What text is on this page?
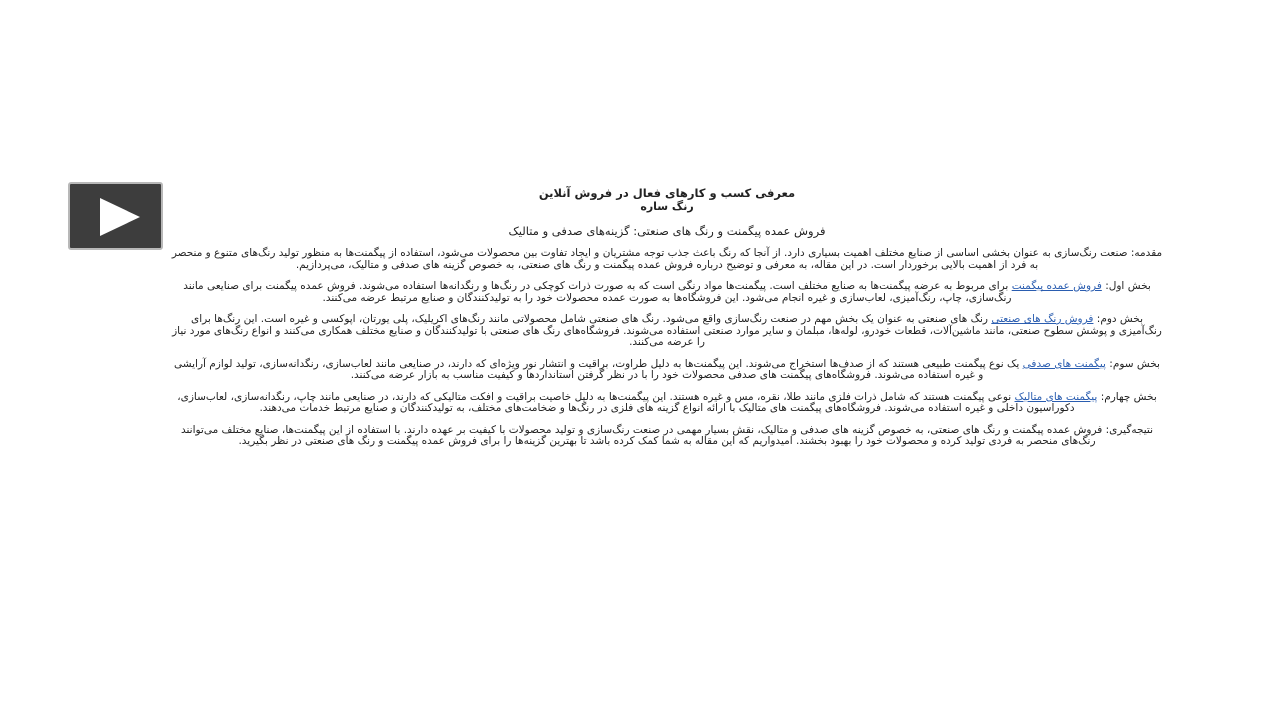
معرفی کسب و کارهای فعال در فروش آنلاین
رنگ ساره
فروش عمده پیگمنت و رنگ های صنعتی: گزینه‌های صدفی و متالیک

مقدمه: صنعت رنگ‌سازی به عنوان بخشی اساسی از صنایع مختلف اهمیت بسیاری دارد. از آنجا که رنگ باعث جذب توجه مشتریان و ایجاد تفاوت بین محصولات می‌شود، استفاده از پیگمنت‌ها به منظور تولید رنگ‌های متنوع و منحصر به فرد از اهمیت بالایی برخوردار است. در این مقاله، به معرفی و توضیح درباره فروش عمده پیگمنت و رنگ های صنعتی، به خصوص گزینه های صدفی و متالیک، می‌پردازیم.

بخش اول: فروش عمده پیگمنت برای مربوط به عرضه پیگمنت‌ها به صنایع مختلف است. پیگمنت‌ها مواد رنگی است که به صورت ذرات کوچکی در رنگ‌ها و رنگدانه‌ها استفاده می‌شوند. فروش عمده پیگمنت برای صنایعی مانند رنگ‌سازی، چاپ، رنگ‌آمیزی، لعاب‌سازی و غیره انجام می‌شود. این فروشگاه‌ها به صورت عمده محصولات خود را به تولیدکنندگان و صنایع مرتبط عرضه می‌کنند.

بخش دوم: فروش رنگ های صنعتی رنگ های صنعتی به عنوان یک بخش مهم در صنعت رنگ‌سازی واقع می‌شود. رنگ های صنعتی شامل محصولاتی مانند رنگ‌های اکریلیک، پلی یورتان، اپوکسی و غیره است. این رنگ‌ها برای رنگ‌آمیزی و پوشش سطوح صنعتی، مانند ماشین‌آلات، قطعات خودرو، لوله‌ها، مبلمان و سایر موارد صنعتی استفاده می‌شوند. فروشگاه‌های رنگ های صنعتی با تولیدکنندگان و صنایع مختلف همکاری می‌کنند و انواع رنگ‌های مورد نیاز را عرضه می‌کنند.

بخش سوم: پیگمنت های صدفی یک نوع پیگمنت طبیعی هستند که از صدف‌ها استخراج می‌شوند. این پیگمنت‌ها به دلیل طراوت، براقیت و انتشار نور ویژه‌ای که دارند، در صنایعی مانند لعاب‌سازی، رنگدانه‌سازی، تولید لوازم آرایشی و غیره استفاده می‌شوند. فروشگاه‌های پیگمنت های صدفی محصولات خود را با در نظر گرفتن استانداردها و کیفیت مناسب به بازار عرضه می‌کنند.

بخش چهارم: پیگمنت های متالیک نوعی پیگمنت هستند که شامل ذرات فلزی مانند طلا، نقره، مس و غیره هستند. این پیگمنت‌ها به دلیل خاصیت براقیت و افکت متالیکی که دارند، در صنایعی مانند چاپ، رنگدانه‌سازی، لعاب‌سازی، دکوراسیون داخلی و غیره استفاده می‌شوند. فروشگاه‌های پیگمنت های متالیک با ارائه انواع گزینه های فلزی در رنگ‌ها و ضخامت‌های مختلف، به تولیدکنندگان و صنایع مرتبط خدمات می‌دهند.

نتیجه‌گیری: فروش عمده پیگمنت و رنگ های صنعتی، به خصوص گزینه های صدفی و متالیک، نقش بسیار مهمی در صنعت رنگ‌سازی و تولید محصولات با کیفیت بر عهده دارند. با استفاده از این پیگمنت‌ها، صنایع مختلف می‌توانند رنگ‌های منحصر به فردی تولید کرده و محصولات خود را بهبود بخشند. امیدواریم که این مقاله به شما کمک کرده باشد تا بهترین گزینه‌ها را برای فروش عمده پیگمنت و رنگ های صنعتی در نظر بگیرید.
